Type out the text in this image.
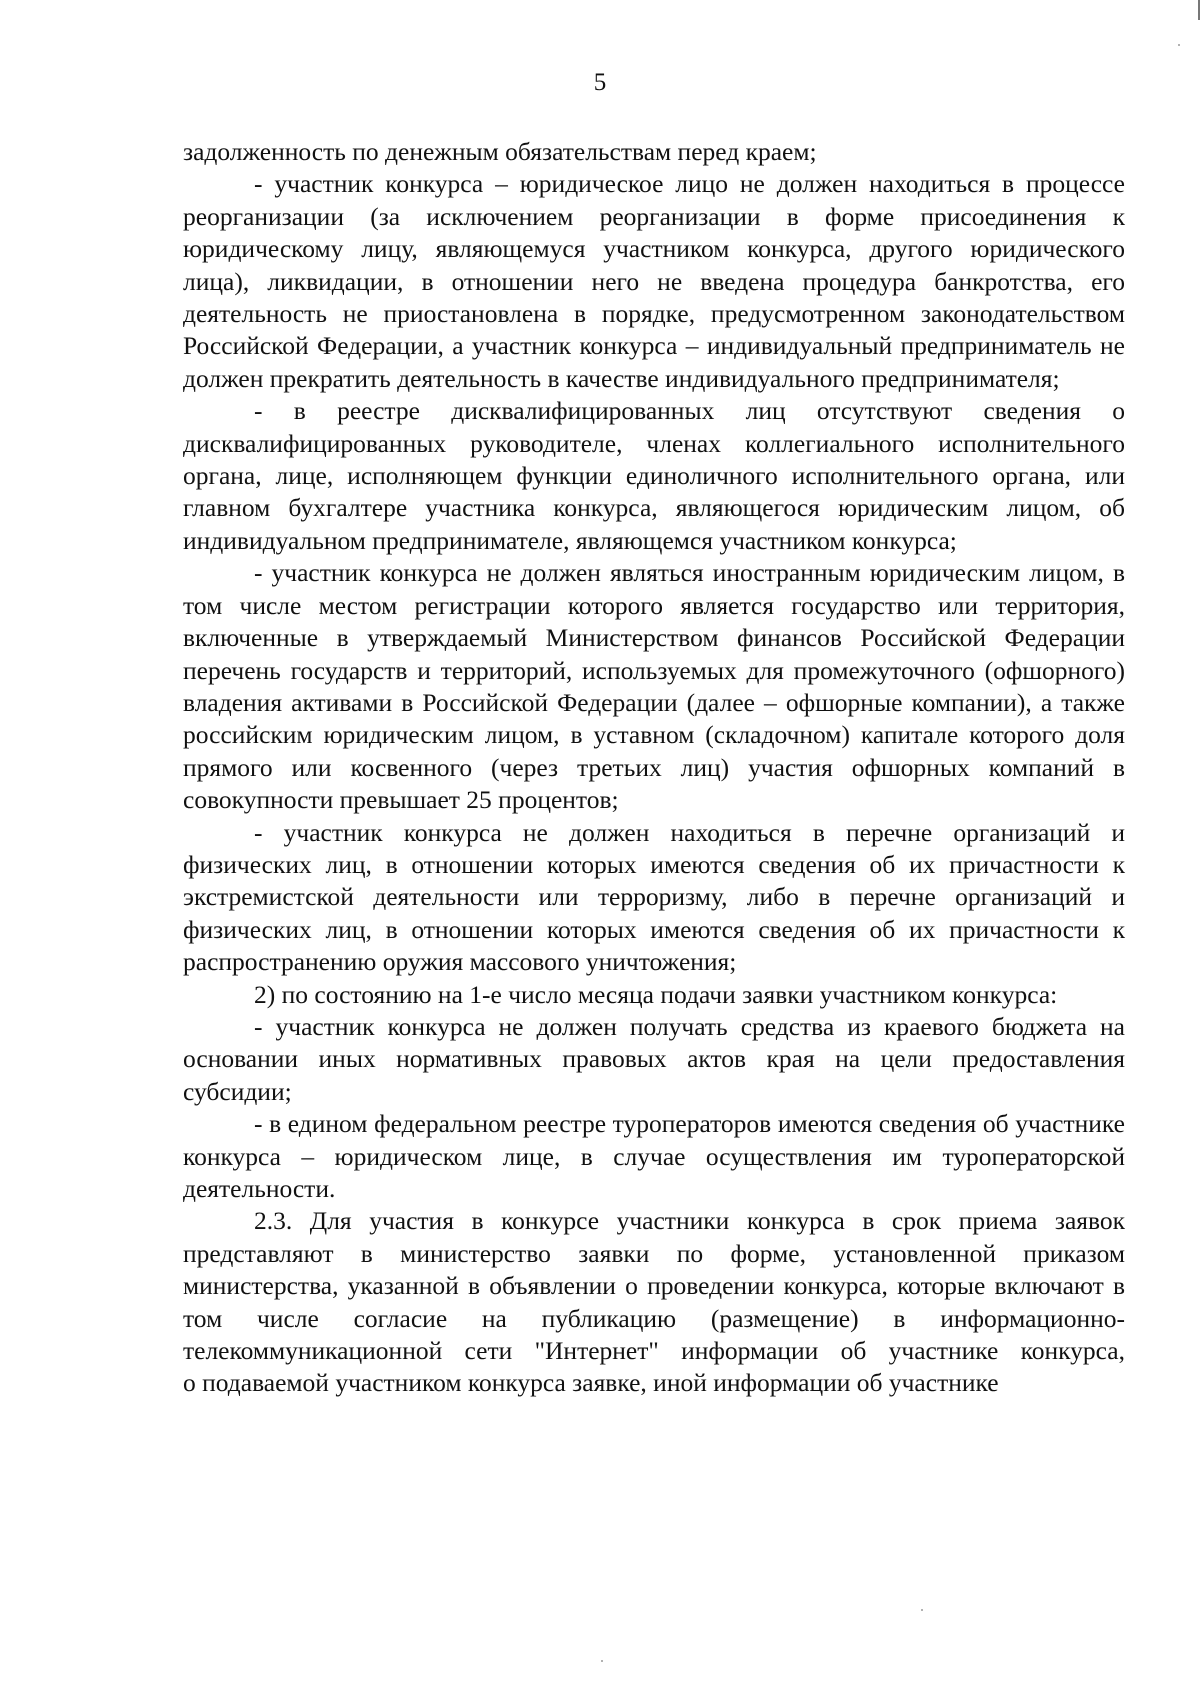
5

задолженность по денежным обязательствам перед краем;

- участник конкурса – юридическое лицо не должен находиться в процессе реорганизации (за исключением реорганизации в форме присоединения к юридическому лицу, являющемуся участником конкурса, другого юридического лица), ликвидации, в отношении него не введена процедура банкротства, его деятельность не приостановлена в порядке, предусмотренном законодательством Российской Федерации, а участник конкурса – индивидуальный предприниматель не должен прекратить деятельность в качестве индивидуального предпринимателя;

- в реестре дисквалифицированных лиц отсутствуют сведения о дисквалифицированных руководителе, членах коллегиального исполнительного органа, лице, исполняющем функции единоличного исполнительного органа, или главном бухгалтере участника конкурса, являющегося юридическим лицом, об индивидуальном предпринимателе, являющемся участником конкурса;

- участник конкурса не должен являться иностранным юридическим лицом, в том числе местом регистрации которого является государство или территория, включенные в утверждаемый Министерством финансов Российской Федерации перечень государств и территорий, используемых для промежуточного (офшорного) владения активами в Российской Федерации (далее – офшорные компании), а также российским юридическим лицом, в уставном (складочном) капитале которого доля прямого или косвенного (через третьих лиц) участия офшорных компаний в совокупности превышает 25 процентов;

- участник конкурса не должен находиться в перечне организаций и физических лиц, в отношении которых имеются сведения об их причастности к экстремистской деятельности или терроризму, либо в перечне организаций и физических лиц, в отношении которых имеются сведения об их причастности к распространению оружия массового уничтожения;

2) по состоянию на 1-е число месяца подачи заявки участником конкурса:

- участник конкурса не должен получать средства из краевого бюджета на основании иных нормативных правовых актов края на цели предоставления субсидии;

- в едином федеральном реестре туроператоров имеются сведения об участнике конкурса – юридическом лице, в случае осуществления им туроператорской деятельности.

2.3. Для участия в конкурсе участники конкурса в срок приема заявок представляют в министерство заявки по форме, установленной приказом министерства, указанной в объявлении о проведении конкурса, которые включают в том числе согласие на публикацию (размещение) в информационно-телекоммуникационной сети "Интернет" информации об участнике конкурса,

о подаваемой участником конкурса заявке, иной информации об участнике
